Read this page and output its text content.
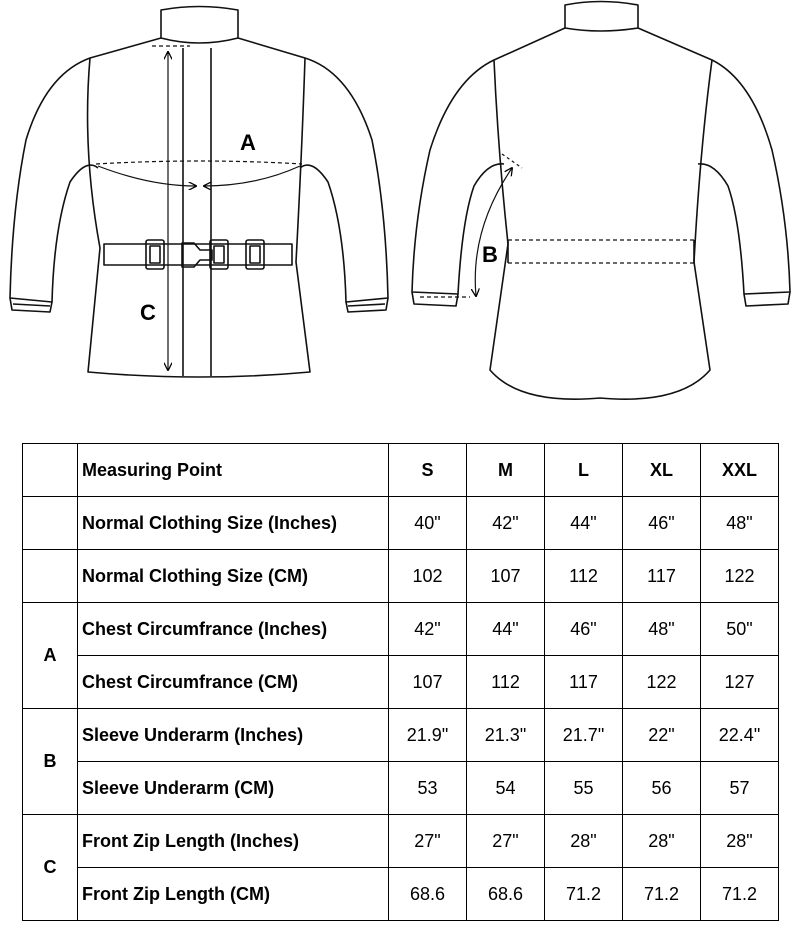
A
B
C
	Measuring Point	S	M	L	XL	XXL
	Normal Clothing Size (Inches)	40"	42"	44"	46"	48"
	Normal Clothing Size (CM)	102	107	112	117	122
A	Chest Circumfrance (Inches)	42"	44"	46"	48"	50"
	Chest Circumfrance (CM)	107	112	117	122	127
B	Sleeve Underarm (Inches)	21.9"	21.3"	21.7"	22"	22.4"
	Sleeve Underarm (CM)	53	54	55	56	57
C	Front Zip Length (Inches)	27"	27"	28"	28"	28"
	Front Zip Length (CM)	68.6	68.6	71.2	71.2	71.2
